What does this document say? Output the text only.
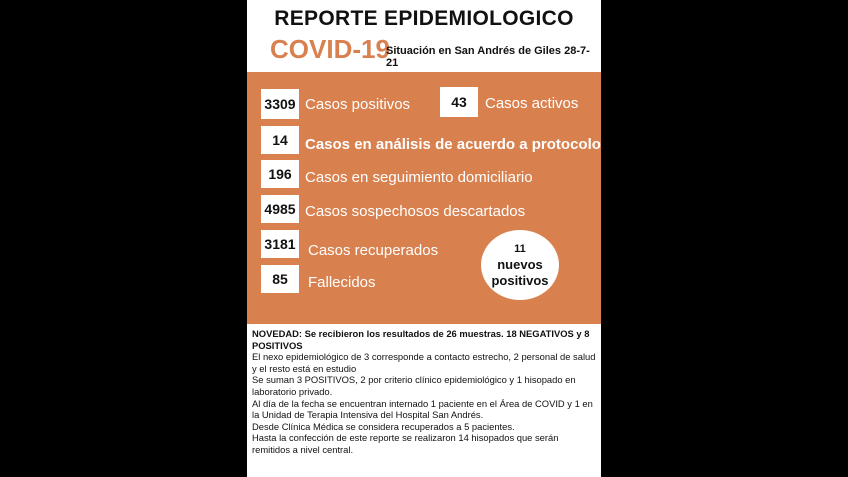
REPORTE EPIDEMIOLOGICO
COVID-19
Situación en San Andrés de Giles 28-7-21
3309 Casos positivos	43	Casos activos
14	Casos en análisis de acuerdo a protocolo
196 Casos en seguimiento domiciliario
4985 Casos sospechosos descartados
3181 Casos recuperados
85	Fallecidos
11
nuevos
positivos
NOVEDAD: Se recibieron los resultados de 26 muestras. 18 NEGATIVOS y 8 POSITIVOS
El nexo epidemiológico de 3 corresponde a contacto estrecho, 2 personal de salud y el resto está en estudio
Se suman 3 POSITIVOS, 2 por criterio clínico epidemiológico y 1 hisopado en laboratorio privado.
Al día de la fecha se encuentran internado 1 paciente en el Área de COVID y 1 en la Unidad de Terapia Intensiva del Hospital San Andrés.
Desde Clínica Médica se considera recuperados a 5 pacientes.
Hasta la confección de este reporte se realizaron 14 hisopados que serán remitidos a nivel central.
